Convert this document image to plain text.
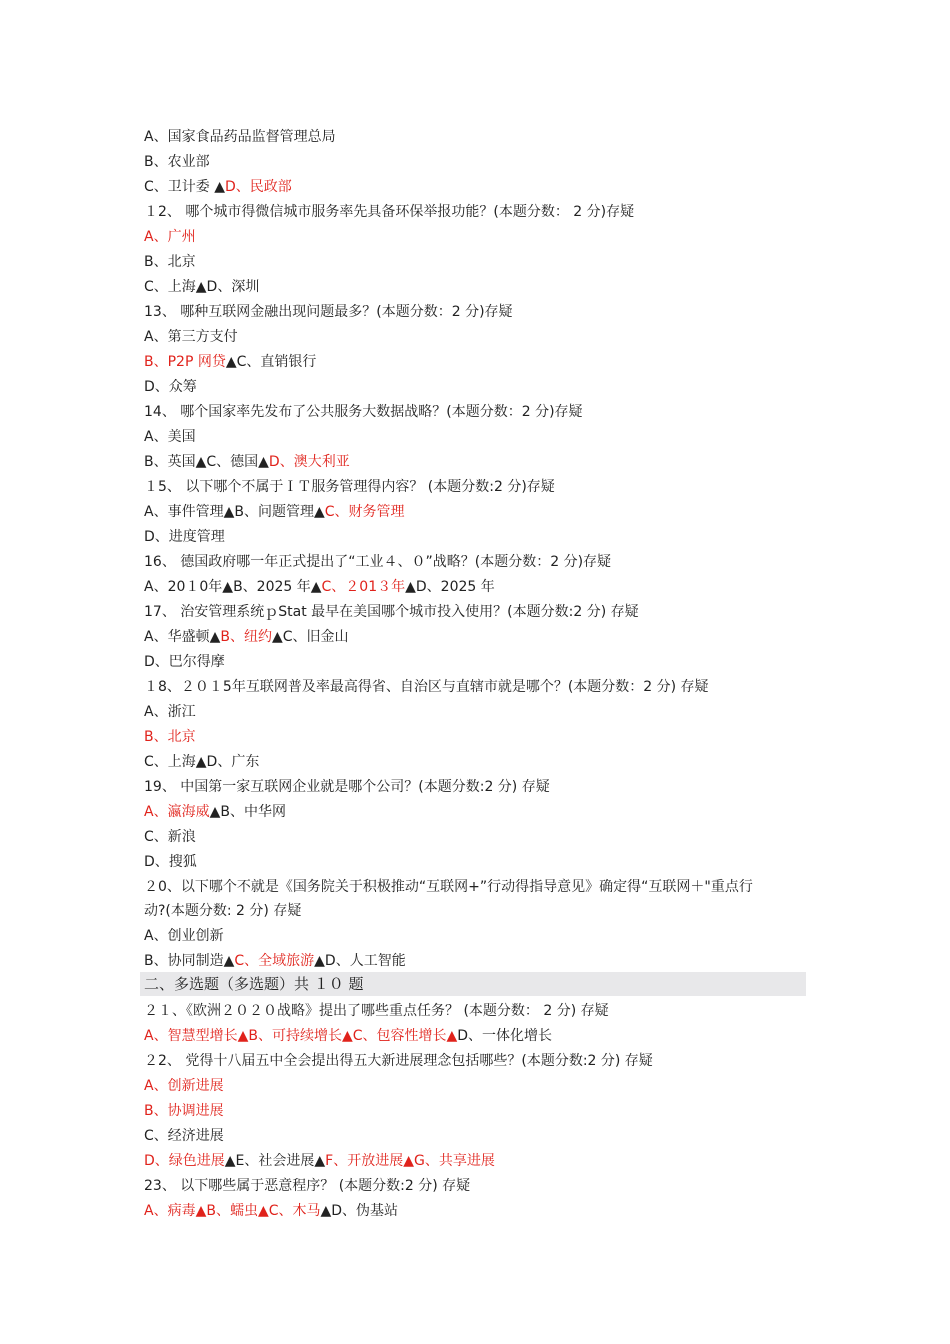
A、国家食品药品监督管理总局
B、农业部
C、卫计委﻿ ▲D、民政部
１2、 哪个城市得微信城市服务率先具备环保举报功能？(本题分数： 2 分)存疑
A、广州
B、北京
C、上海▲D、深圳
13、 哪种互联网金融出现问题最多？(本题分数：2 分)存疑
A、第三方支付
B、P2P 网贷▲C、直销银行
D、众筹
14、 哪个国家率先发布了公共服务大数据战略？(本题分数：2 分)存疑
A、美国
B、英国▲C、德国▲D、澳大利亚
１5、 以下哪个不属于ＩＴ服务管理得内容？ (本题分数:2 分)存疑
A、事件管理▲B、问题管理▲C、财务管理
D、进度管理
16、 德国政府哪一年正式提出了“工业４、０”战略？(本题分数：2 分)存疑
A、20１0年▲B、2025 年▲C、２01３年▲D、2025 年
17、 治安管理系统ｐStat 最早在美国哪个城市投入使用？(本题分数:2 分) 存疑
A、华盛顿▲B、纽约▲C、旧金山
D、巴尔得摩
１8、２０１5年互联网普及率最高得省、自治区与直辖市就是哪个？(本题分数：2 分) 存疑
A、浙江
B、北京
C、上海▲D、广东
19、 中国第一家互联网企业就是哪个公司？(本题分数:2 分) 存疑
A、瀛海威▲B、中华网
C、新浪
D、搜狐
２0、以下哪个不就是《国务院关于积极推动“互联网+”行动得指导意见》确定得“互联网＋"重点行
动?(本题分数: 2 分) 存疑
A、创业创新
B、协同制造▲C、全域旅游▲D、人工智能
２１、《欧洲２０２０战略》提出了哪些重点任务？ (本题分数： 2 分) 存疑
A、智慧型增长▲B、可持续增长▲C、包容性增长▲D、一体化增长
２2、 党得十八届五中全会提出得五大新进展理念包括哪些？(本题分数:2 分) 存疑
A、创新进展
B、协调进展
C、经济进展
D、绿色进展▲E、社会进展▲F、开放进展▲G、共享进展
23、 以下哪些属于恶意程序？ (本题分数:2 分) 存疑
A、病毒▲B、蠕虫▲C、木马▲D、伪基站
二、多选题（多选题）共 １０ 题
